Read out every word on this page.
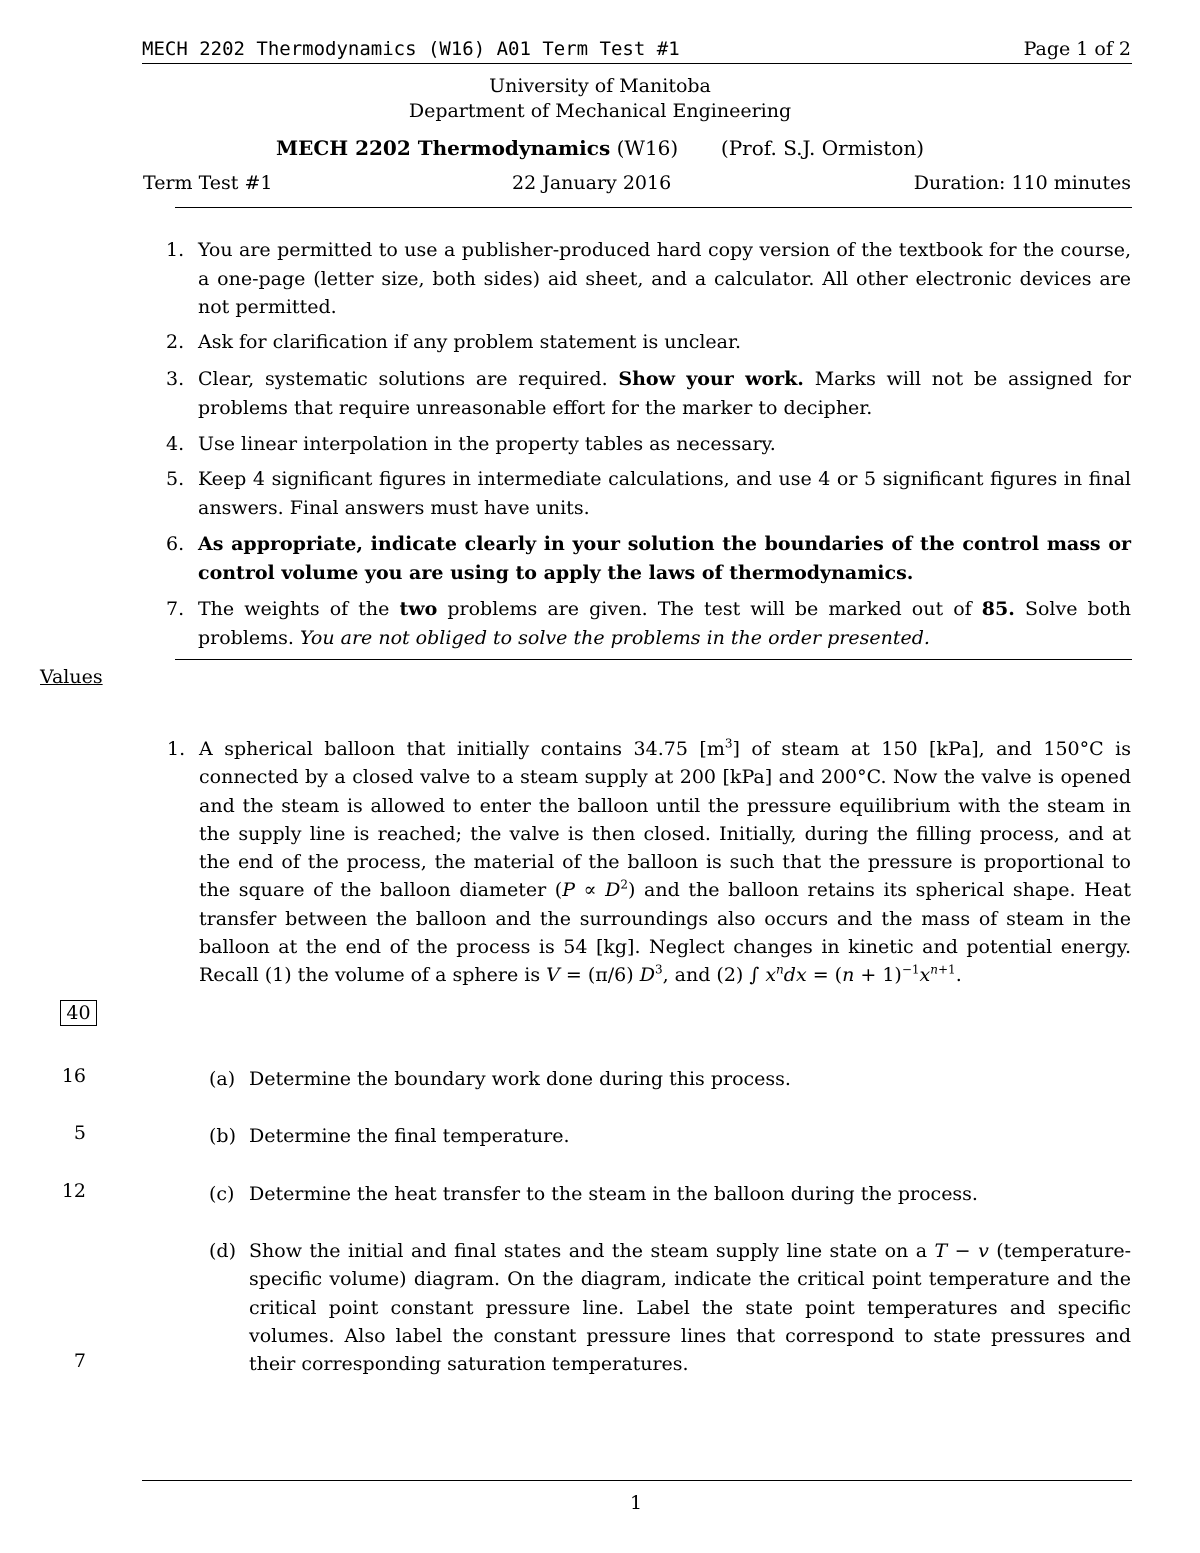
MECH 2202 Thermodynamics (W16) A01 Term Test #1	Page 1 of 2
University of Manitoba
Department of Mechanical Engineering
MECH 2202 Thermodynamics (W16) (Prof. S.J. Ormiston)
Term Test #1	22 January 2016	Duration: 110 minutes
1. You are permitted to use a publisher-produced hard copy version of the textbook for the course, a one-page (letter size, both sides) aid sheet, and a calculator. All other electronic devices are not permitted.
2. Ask for clarification if any problem statement is unclear.
3. Clear, systematic solutions are required. Show your work. Marks will not be assigned for problems that require unreasonable effort for the marker to decipher.
4. Use linear interpolation in the property tables as necessary.
5. Keep 4 significant figures in intermediate calculations, and use 4 or 5 significant figures in final answers. Final answers must have units.
6. As appropriate, indicate clearly in your solution the boundaries of the control mass or control volume you are using to apply the laws of thermodynamics.
7. The weights of the two problems are given. The test will be marked out of 85. Solve both problems. You are not obliged to solve the problems in the order presented.
Values
1. A spherical balloon that initially contains 34.75 $[m^3]$ of steam at 150 [kPa], and 150°C is connected by a closed valve to a steam supply at 200 [kPa] and 200°C. Now the valve is opened and the steam is allowed to enter the balloon until the pressure equilibrium with the steam in the supply line is reached; the valve is then closed. Initially, during the filling process, and at the end of the process, the material of the balloon is such that the pressure is proportional to the square of the balloon diameter $(P \propto D^2)$ and the balloon retains its spherical shape. Heat transfer between the balloon and the surroundings also occurs and the mass of steam in the balloon at the end of the process is 54 [kg]. Neglect changes in kinetic and potential energy. Recall (1) the volume of a sphere is V = (π/6) $D^3$, and (2) ∫ $x^ndx = (n + 1)^{-1}x^{n+1}$.
40
16	(a) Determine the boundary work done during this process.
5	(b) Determine the final temperature.
12	(c) Determine the heat transfer to the steam in the balloon during the process.
7
(d) Show the initial and final states and the steam supply line state on a T − v (temperature-specific volume) diagram. On the diagram, indicate the critical point temperature and the critical point constant pressure line. Label the state point temperatures and specific volumes. Also label the constant pressure lines that correspond to state pressures and their corresponding saturation temperatures.
1
